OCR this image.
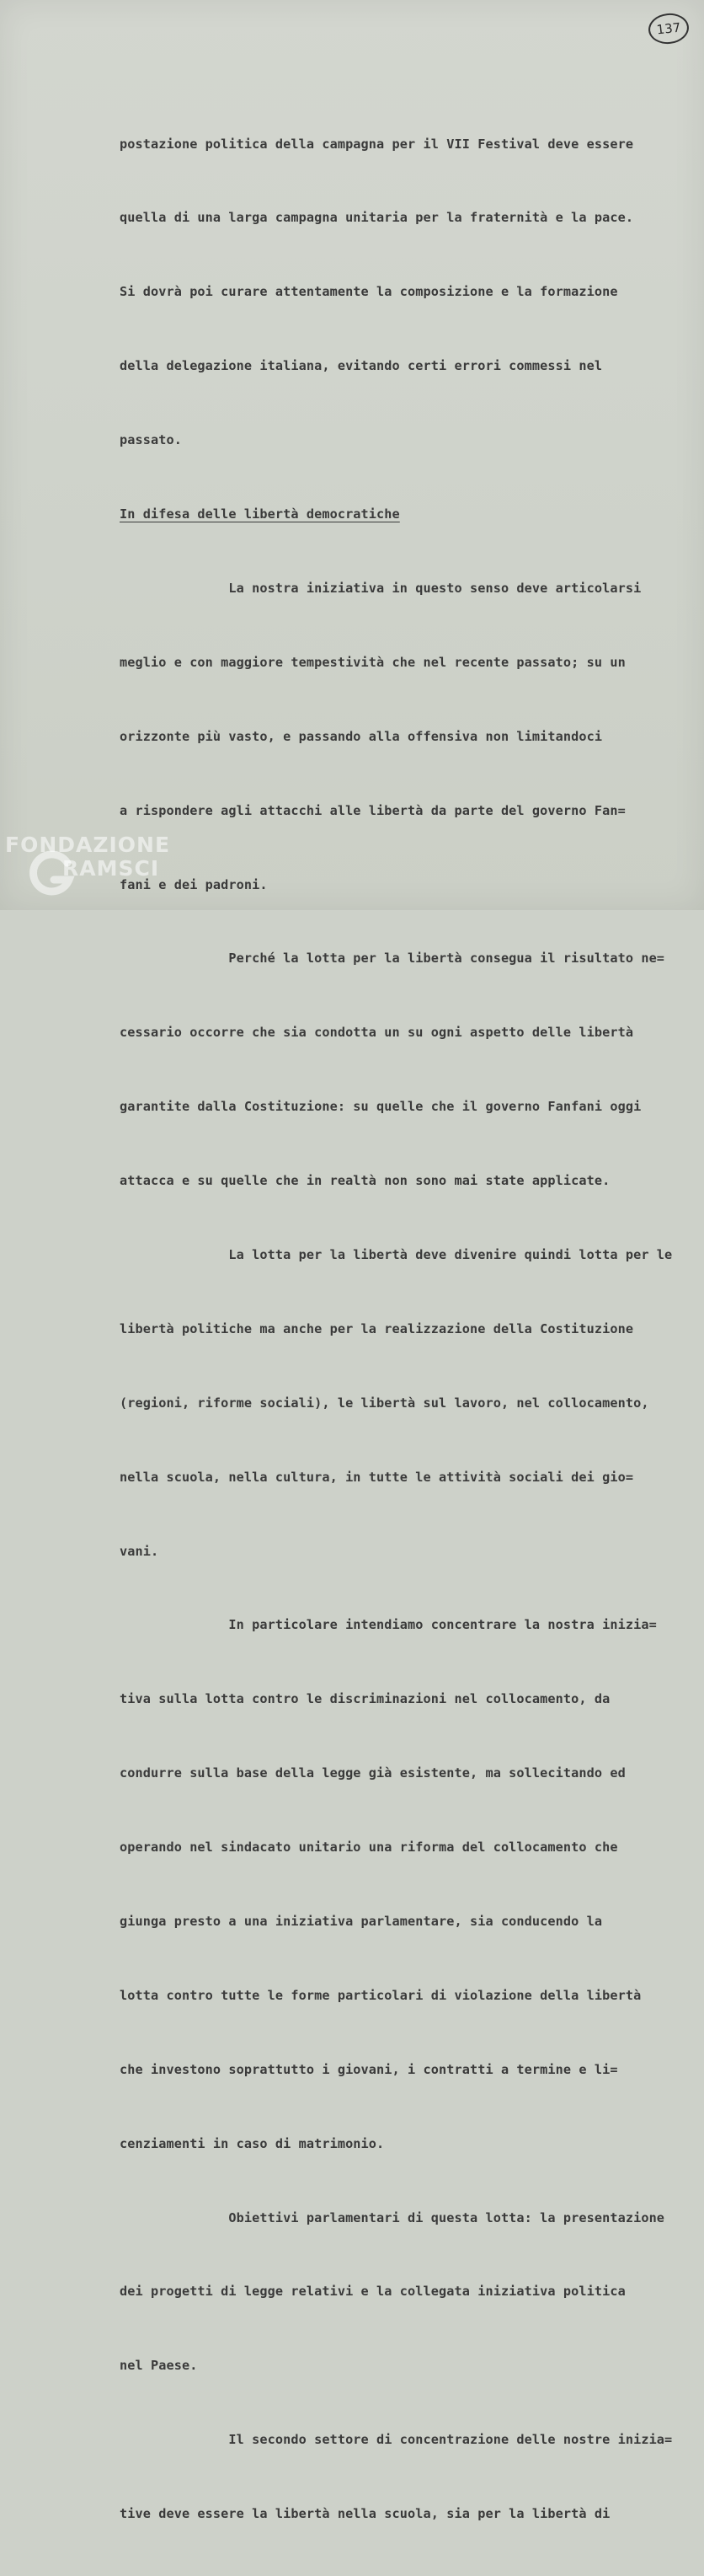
137

postazione politica della campagna per il VII Festival deve essere

quella di una larga campagna unitaria per la fraternità e la pace.

Si dovrà poi curare attentamente la composizione e la formazione

della delegazione italiana, evitando certi errori commessi nel

passato.

In difesa delle libertà democratiche

La nostra iniziativa in questo senso deve articolarsi

meglio e con maggiore tempestività che nel recente passato; su un

orizzonte più vasto, e passando alla offensiva non limitandoci

a rispondere agli attacchi alle libertà da parte del governo Fan=

fani e dei padroni.

Perché la lotta per la libertà consegua il risultato ne=

cessario occorre che sia condotta un su ogni aspetto delle libertà

garantite dalla Costituzione: su quelle che il governo Fanfani oggi

attacca e su quelle che in realtà non sono mai state applicate.

La lotta per la libertà deve divenire quindi lotta per le

libertà politiche ma anche per la realizzazione della Costituzione

(regioni, riforme sociali), le libertà sul lavoro, nel collocamento,

nella scuola, nella cultura, in tutte le attività sociali dei gio=

vani.

In particolare intendiamo concentrare la nostra inizia=

tiva sulla lotta contro le discriminazioni nel collocamento, da

condurre sulla base della legge già esistente, ma sollecitando ed

operando nel sindacato unitario una riforma del collocamento che

giunga presto a una iniziativa parlamentare, sia conducendo la

lotta contro tutte le forme particolari di violazione della libertà

che investono soprattutto i giovani, i contratti a termine e li=

cenziamenti in caso di matrimonio.

Obiettivi parlamentari di questa lotta: la presentazione

dei progetti di legge relativi e la collegata iniziativa politica

nel Paese.

Il secondo settore di concentrazione delle nostre inizia=

tive deve essere la libertà nella scuola, sia per la libertà di

FONDAZIONE
RAMSCI
